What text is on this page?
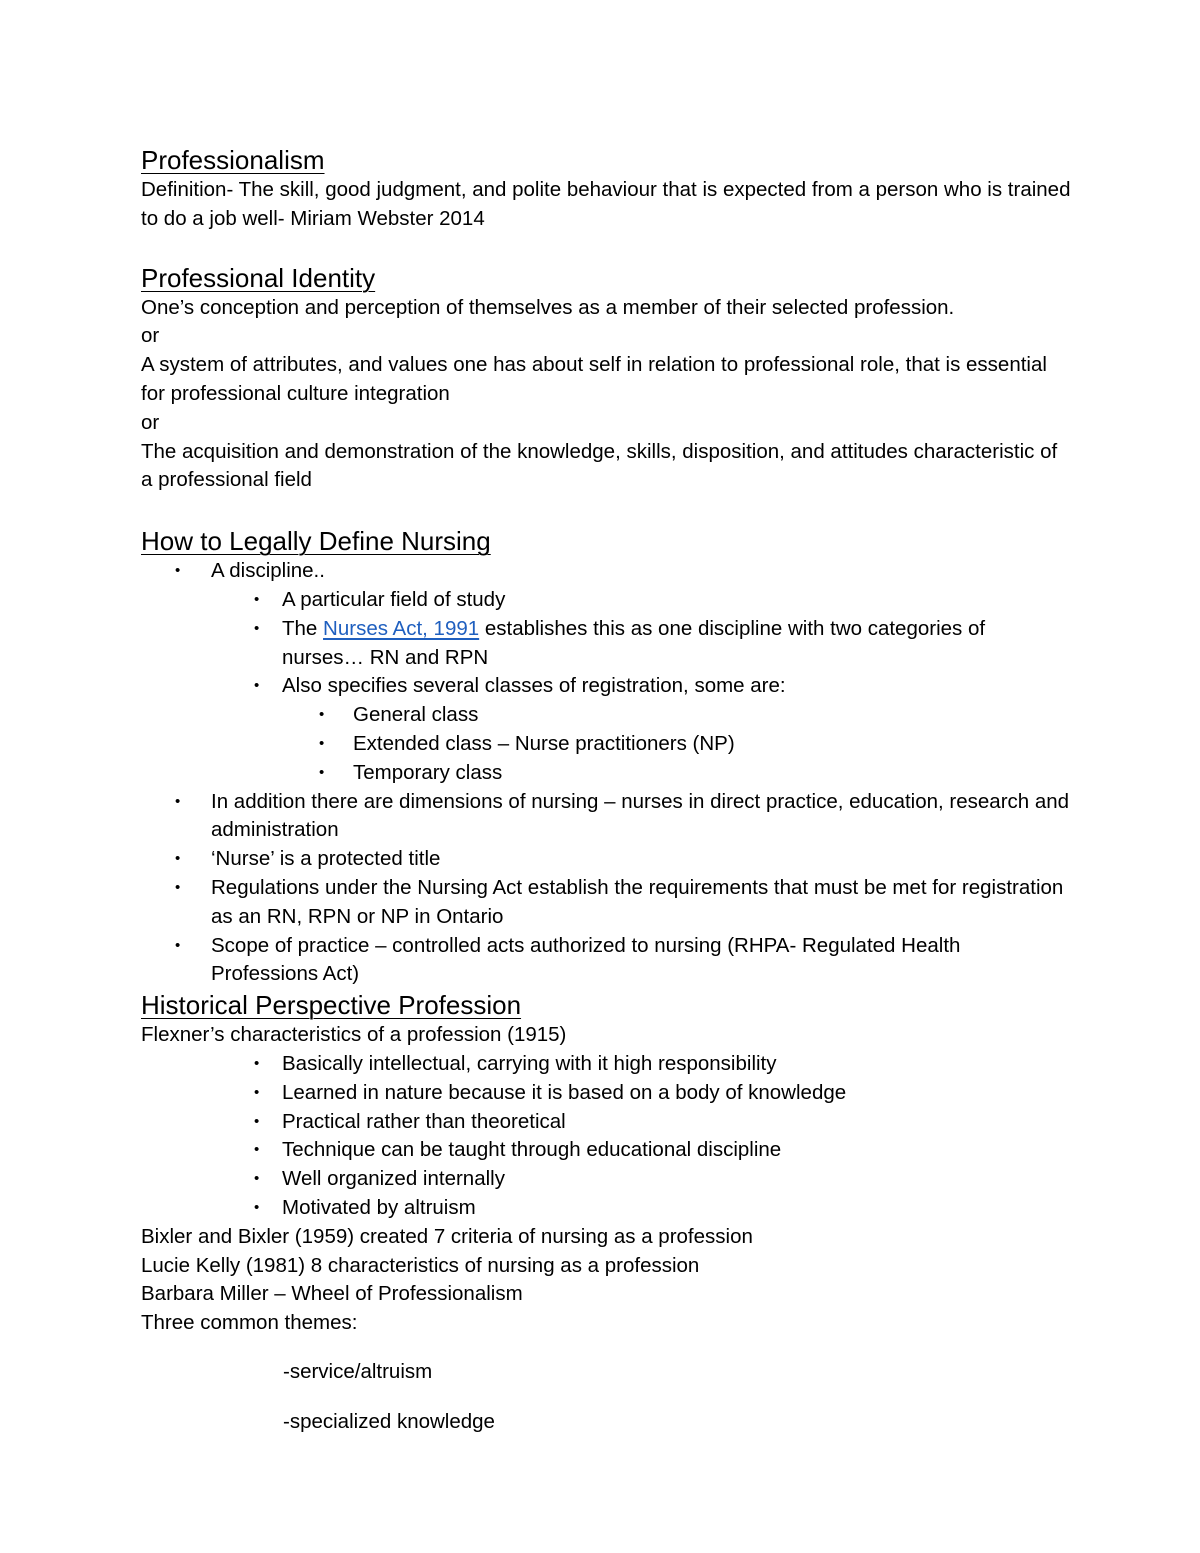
Professionalism

Definition- The skill, good judgment, and polite behaviour that is expected from a person who is trained to do a job well- Miriam Webster 2014

Professional Identity

One’s conception and perception of themselves as a member of their selected profession.

or

A system of attributes, and values one has about self in relation to professional role, that is essential for professional culture integration

or

The acquisition and demonstration of the knowledge, skills, disposition, and attitudes characteristic of a professional field

How to Legally Define Nursing
• A discipline..
• A particular field of study
• The Nurses Act, 1991 establishes this as one discipline with two categories of nurses… RN and RPN
• Also specifies several classes of registration, some are:
• General class
• Extended class – Nurse practitioners (NP)
• Temporary class
• In addition there are dimensions of nursing – nurses in direct practice, education, research and administration
• ‘Nurse’ is a protected title
• Regulations under the Nursing Act establish the requirements that must be met for registration as an RN, RPN or NP in Ontario
• Scope of practice – controlled acts authorized to nursing (RHPA- Regulated Health Professions Act)
Historical Perspective Profession

Flexner’s characteristics of a profession (1915)

• Basically intellectual, carrying with it high responsibility
• Learned in nature because it is based on a body of knowledge
• Practical rather than theoretical
• Technique can be taught through educational discipline
• Well organized internally
• Motivated by altruism

Bixler and Bixler (1959) created 7 criteria of nursing as a profession

Lucie Kelly (1981) 8 characteristics of nursing as a profession

Barbara Miller – Wheel of Professionalism

Three common themes:

-service/altruism

-specialized knowledge
